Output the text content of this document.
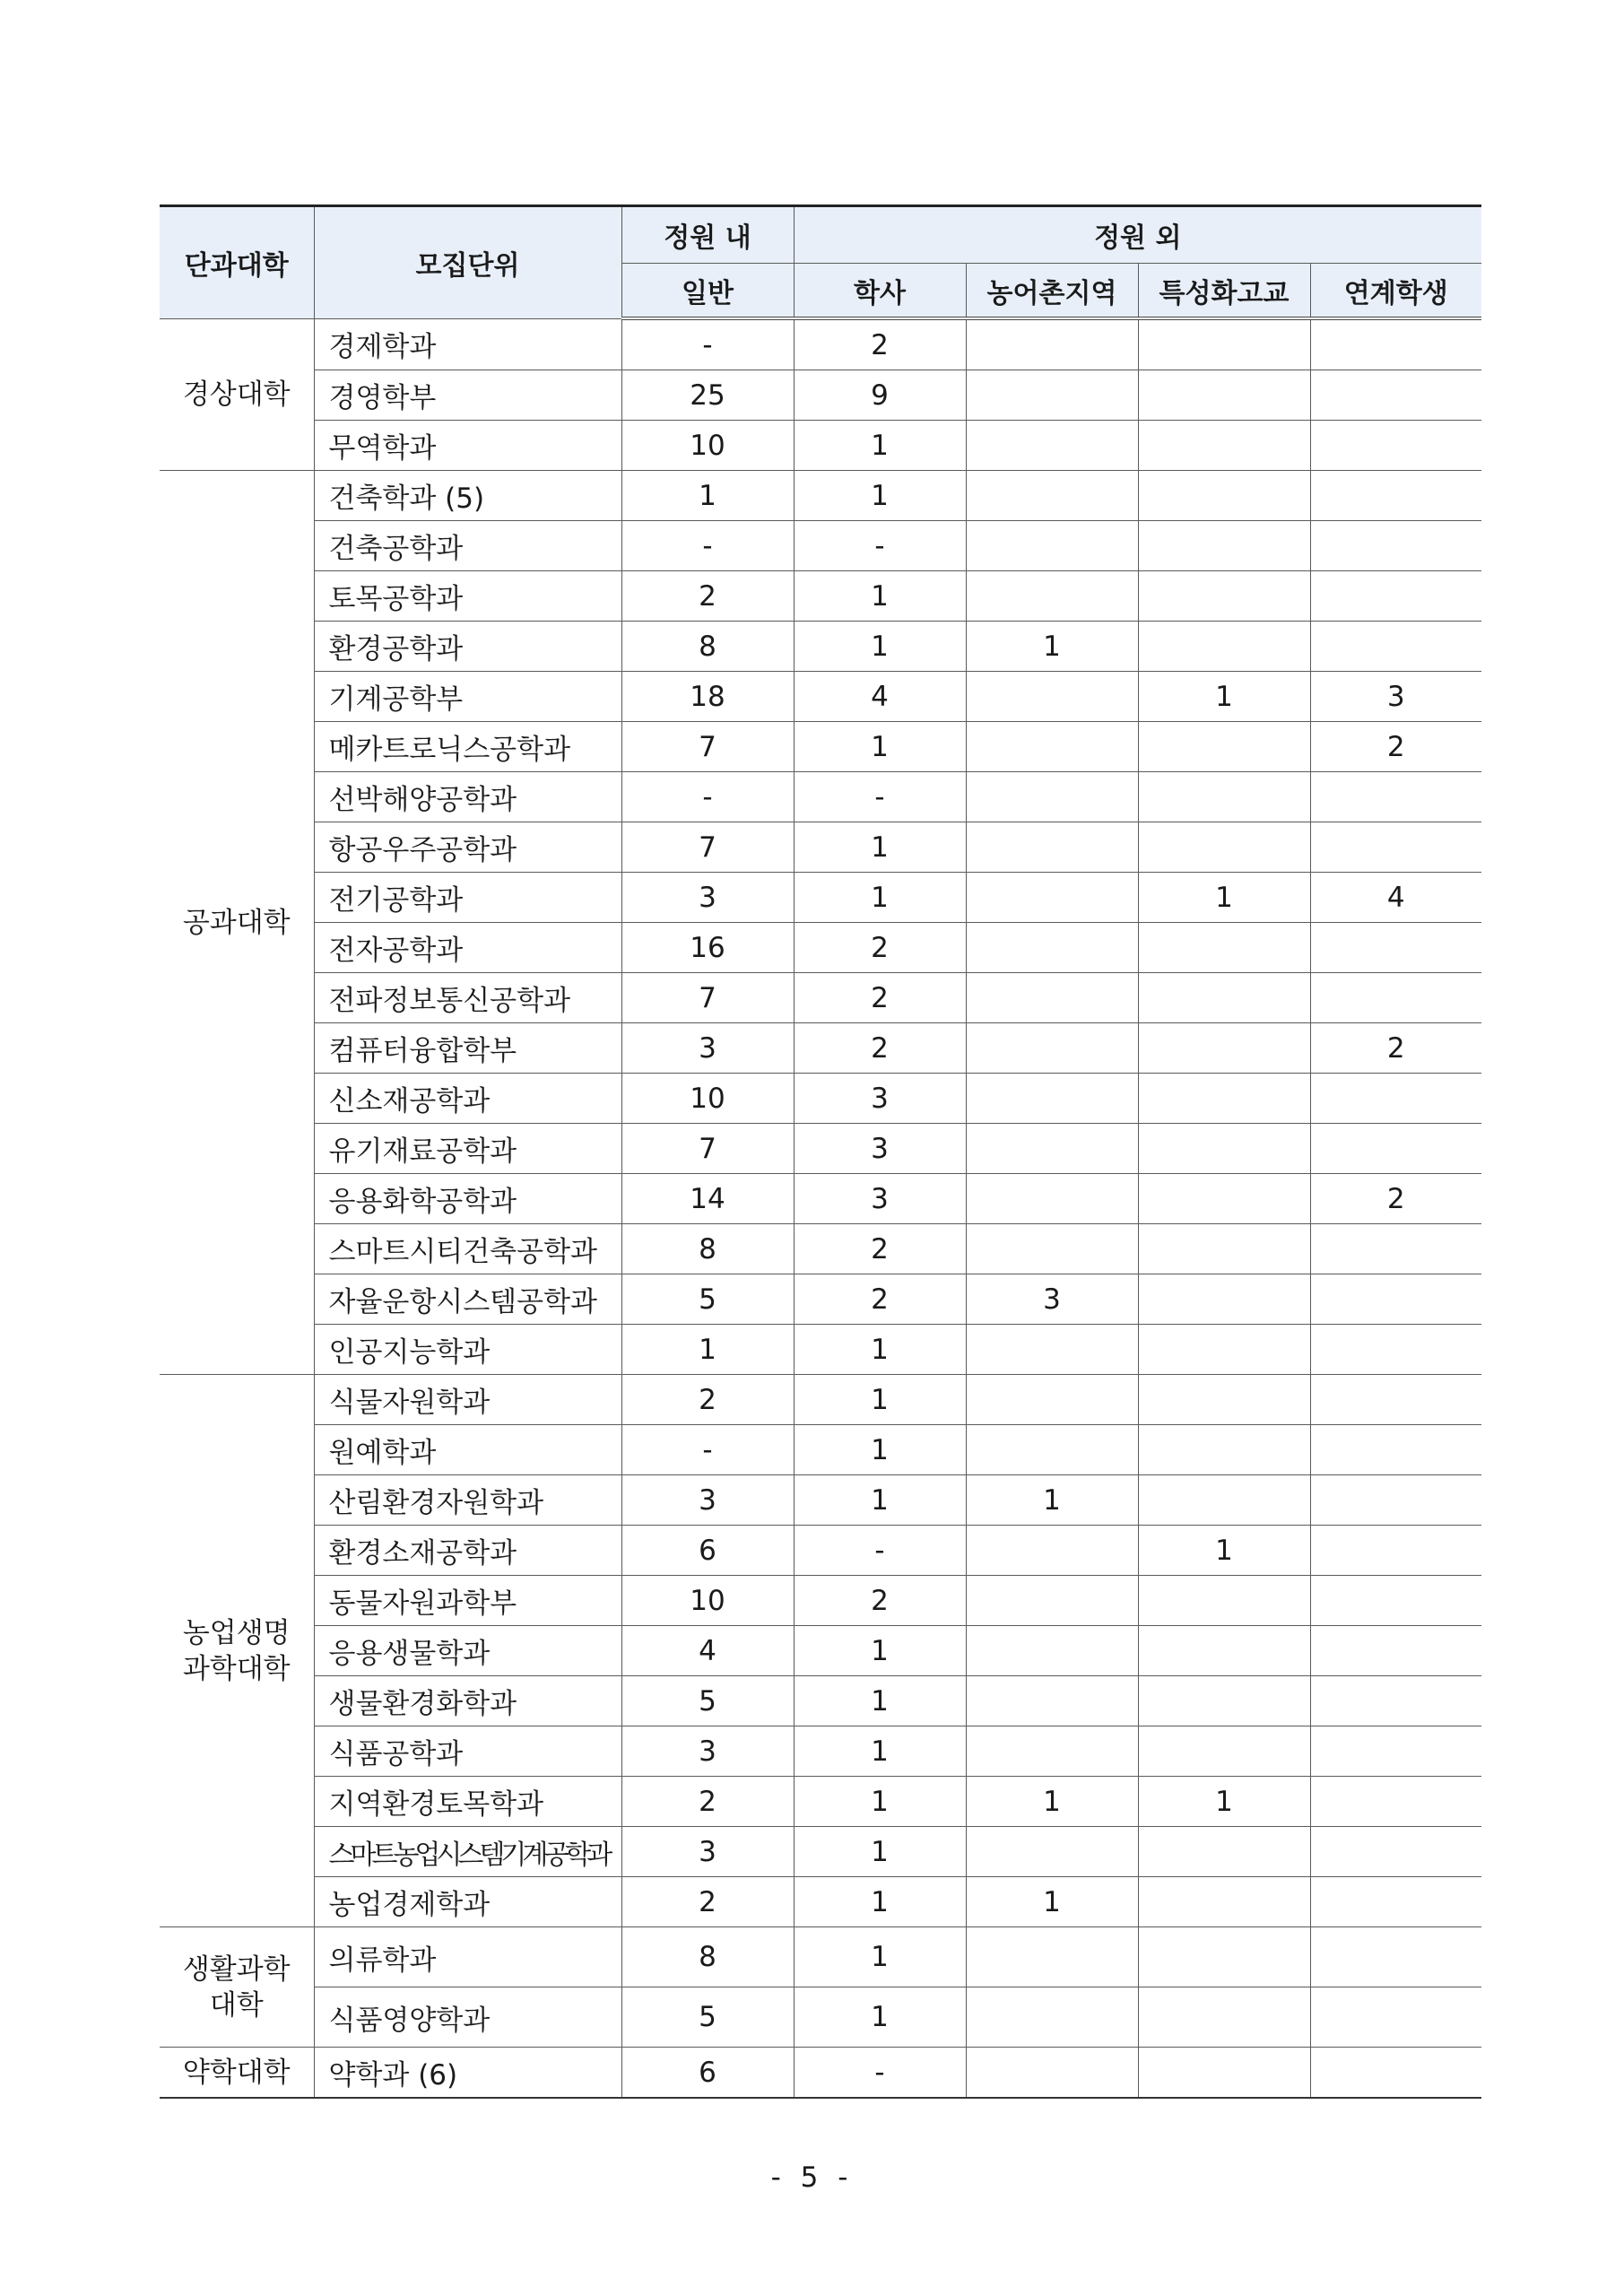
단과대학	모집단위	정원 내	정원 외			
		일반	학사	농어촌지역	특성화고교	연계학생
경상대학	경제학과	-	2			
	경영학부	25	9			
	무역학과	10	1			
공과대학	건축학과 (5)	1	1			
	건축공학과	-	-			
	토목공학과	2	1			
	환경공학과	8	1	1		
	기계공학부	18	4		1	3
	메카트로닉스공학과	7	1			2
	선박해양공학과	-	-			
	항공우주공학과	7	1			
	전기공학과	3	1		1	4
	전자공학과	16	2			
	전파정보통신공학과	7	2			
	컴퓨터융합학부	3	2			2
	신소재공학과	10	3			
	유기재료공학과	7	3			
	응용화학공학과	14	3			2
	스마트시티건축공학과	8	2			
	자율운항시스템공학과	5	2	3		
	인공지능학과	1	1			
농업생명
과학대학	식물자원학과	2	1			
	원예학과	-	1			
	산림환경자원학과	3	1	1		
	환경소재공학과	6	-		1	
	동물자원과학부	10	2			
	응용생물학과	4	1			
	생물환경화학과	5	1			
	식품공학과	3	1			
	지역환경토목학과	2	1	1	1	
	스마트농업시스템기계공학과	3	1			
	농업경제학과	2	1	1		
생활과학
대학	의류학과	8	1			
	식품영양학과	5	1			
약학대학	약학과 (6)	6	-			
- 5 -
